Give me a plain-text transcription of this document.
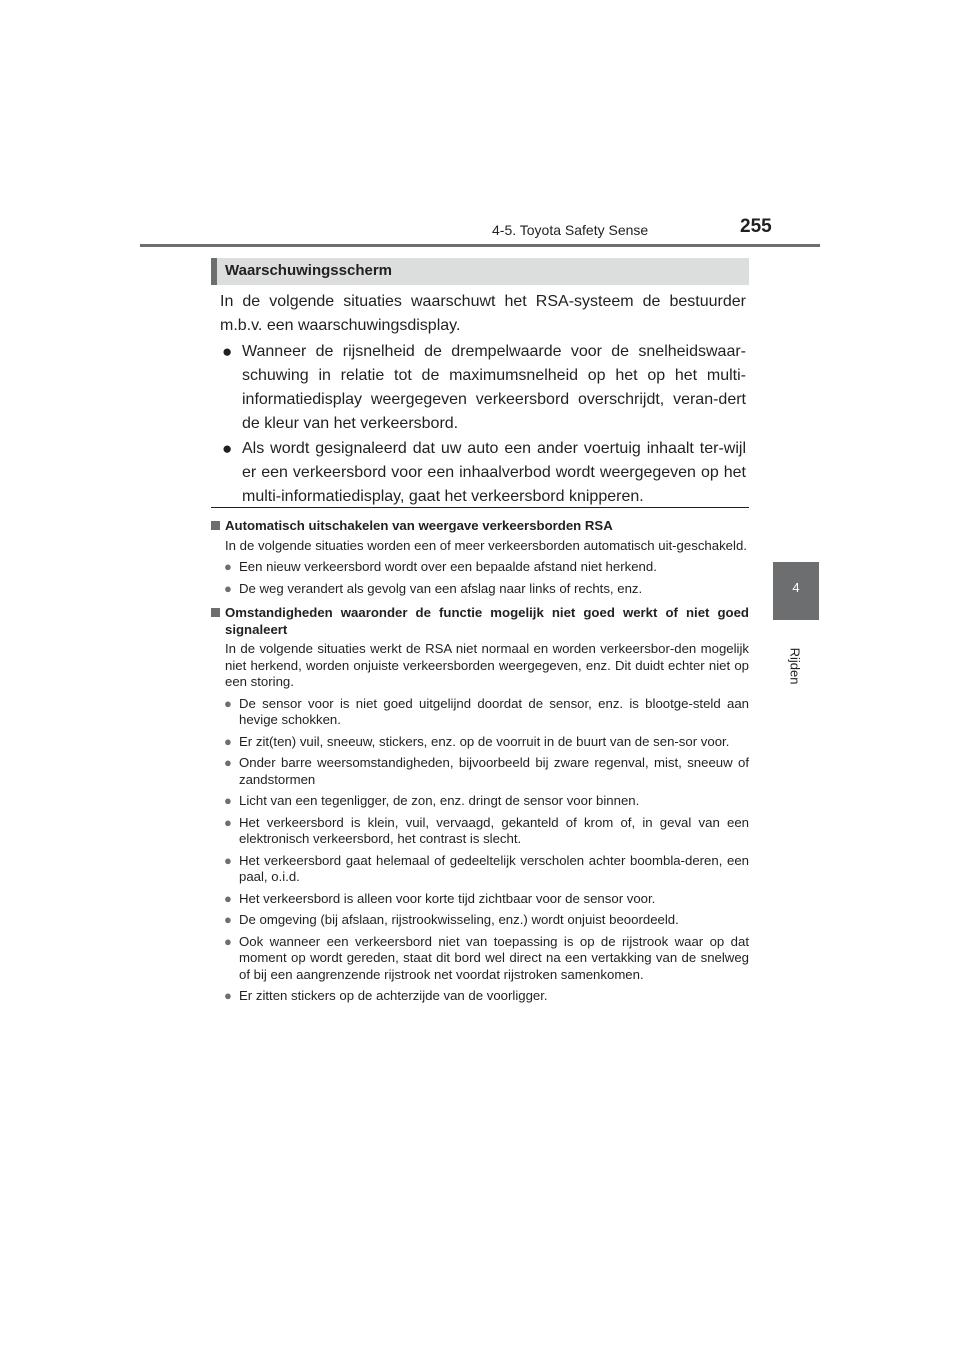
4-5. Toyota Safety Sense	255
4
Rijden
Waarschuwingsscherm

In de volgende situaties waarschuwt het RSA-systeem de bestuurder m.b.v. een waarschuwingsdisplay.

● Wanneer de rijsnelheid de drempelwaarde voor de snelheidswaar-schuwing in relatie tot de maximumsnelheid op het op het multi-informatiedisplay weergegeven verkeersbord overschrijdt, veran-dert de kleur van het verkeersbord.
● Als wordt gesignaleerd dat uw auto een ander voertuig inhaalt ter-wijl er een verkeersbord voor een inhaalverbod wordt weergegeven op het multi-informatiedisplay, gaat het verkeersbord knipperen.
Automatisch uitschakelen van weergave verkeersborden RSA
In de volgende situaties worden een of meer verkeersborden automatisch uit-geschakeld.
● Een nieuw verkeersbord wordt over een bepaalde afstand niet herkend.
● De weg verandert als gevolg van een afslag naar links of rechts, enz.
Omstandigheden waaronder de functie mogelijk niet goed werkt of niet goed signaleert
In de volgende situaties werkt de RSA niet normaal en worden verkeersbor-den mogelijk niet herkend, worden onjuiste verkeersborden weergegeven, enz. Dit duidt echter niet op een storing.
● De sensor voor is niet goed uitgelijnd doordat de sensor, enz. is blootge-steld aan hevige schokken.
● Er zit(ten) vuil, sneeuw, stickers, enz. op de voorruit in de buurt van de sen-sor voor.
● Onder barre weersomstandigheden, bijvoorbeeld bij zware regenval, mist, sneeuw of zandstormen
● Licht van een tegenligger, de zon, enz. dringt de sensor voor binnen.
● Het verkeersbord is klein, vuil, vervaagd, gekanteld of krom of, in geval van een elektronisch verkeersbord, het contrast is slecht.
● Het verkeersbord gaat helemaal of gedeeltelijk verscholen achter boombla-deren, een paal, o.i.d.
● Het verkeersbord is alleen voor korte tijd zichtbaar voor de sensor voor.
● De omgeving (bij afslaan, rijstrookwisseling, enz.) wordt onjuist beoordeeld.
● Ook wanneer een verkeersbord niet van toepassing is op de rijstrook waar op dat moment op wordt gereden, staat dit bord wel direct na een vertakking van de snelweg of bij een aangrenzende rijstrook net voordat rijstroken samenkomen.
● Er zitten stickers op de achterzijde van de voorligger.
